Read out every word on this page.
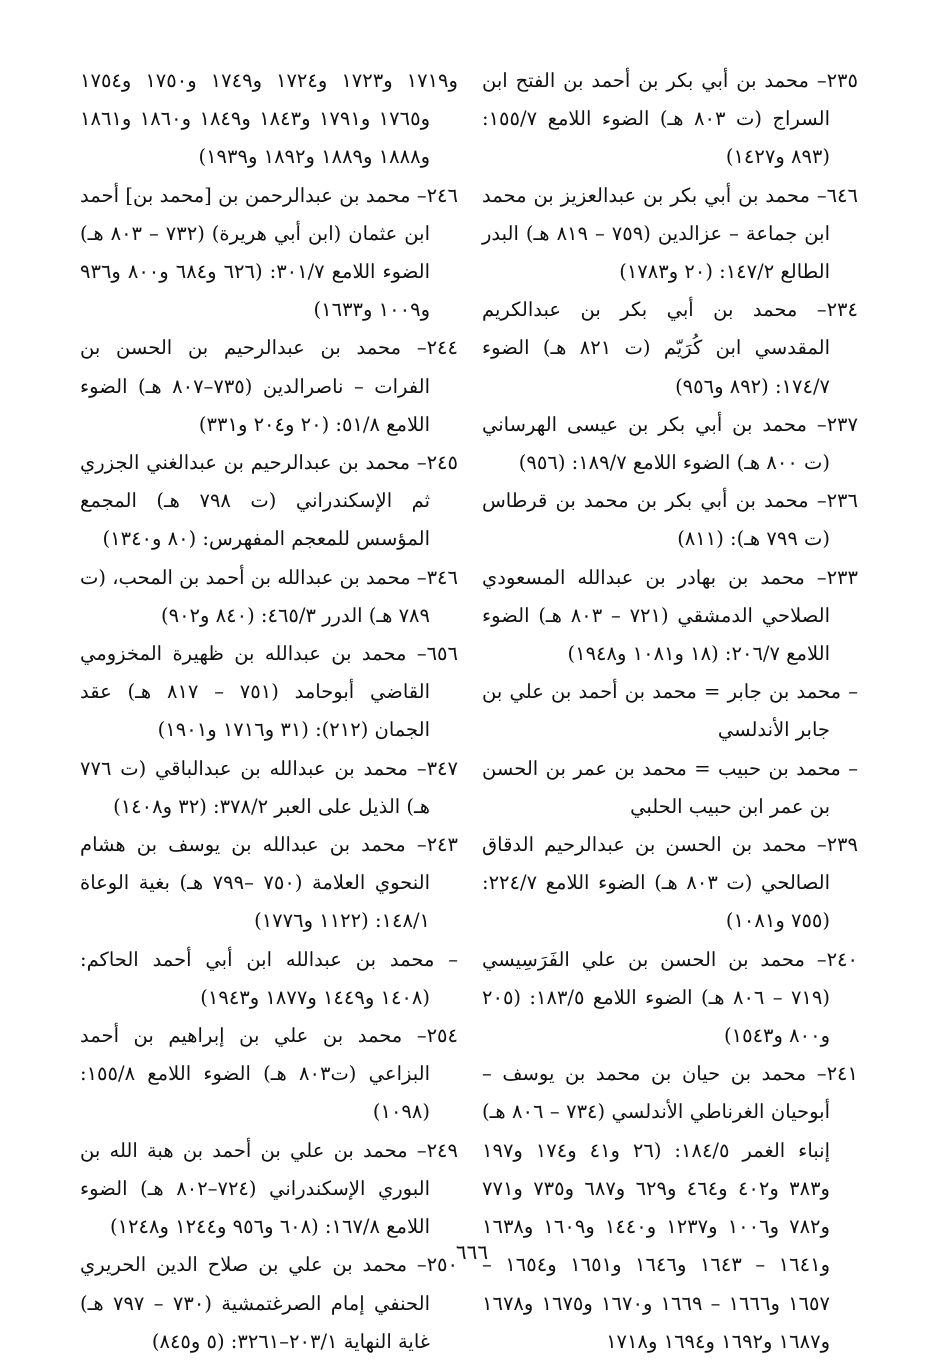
٢٣٥– محمد بن أبي بكر بن أحمد بن الفتح ابن السراج (ت ٨٠٣ هـ) الضوء اللامع ١٥٥/٧: (٨٩٣ و١٤٢٧)

٦٤٦– محمد بن أبي بكر بن عبدالعزيز بن محمد ابن جماعة – عزالدين (٧٥٩ – ٨١٩ هـ) البدر الطالع ١٤٧/٢: (٢٠ و١٧٨٣)

٢٣٤– محمد بن أبي بكر بن عبدالكريم المقدسي ابن كُرَيّم (ت ٨٢١ هـ) الضوء ١٧٤/٧: (٨٩٢ و٩٥٦)

٢٣٧– محمد بن أبي بكر بن عيسى الهرساني (ت ٨٠٠ هـ) الضوء اللامع ١٨٩/٧: (٩٥٦)

٢٣٦– محمد بن أبي بكر بن محمد بن قرطاس (ت ٧٩٩ هـ): (٨١١)

٢٣٣– محمد بن بهادر بن عبدالله المسعودي الصلاحي الدمشقي (٧٢١ – ٨٠٣ هـ) الضوء اللامع ٢٠٦/٧: (١٨ و١٠٨١ و١٩٤٨)

– محمد بن جابر = محمد بن أحمد بن علي بن جابر الأندلسي

– محمد بن حبيب = محمد بن عمر بن الحسن بن عمر ابن حبيب الحلبي

٢٣٩– محمد بن الحسن بن عبدالرحيم الدقاق الصالحي (ت ٨٠٣ هـ) الضوء اللامع ٢٢٤/٧: (٧٥٥ و١٠٨١)

٢٤٠– محمد بن الحسن بن علي الفَرَسِيسي (٧١٩ – ٨٠٦ هـ) الضوء اللامع ١٨٣/٥: (٢٠٥ و٨٠٠ و١٥٤٣)

٢٤١– محمد بن حيان بن محمد بن يوسف – أبوحيان الغرناطي الأندلسي (٧٣٤ – ٨٠٦ هـ) إنباء الغمر ١٨٤/٥: (٢٦ و٤١ و١٧٤ و١٩٧ و٣٨٣ و٤٠٢ و٤٦٤ و٦٢٩ و٦٨٧ و٧٣٥ و٧٧١ و٧٨٢ و١٠٠٦ و١٢٣٧ و١٤٤٠ و١٦٠٩ و١٦٣٨ و١٦٤١ – ١٦٤٣ و١٦٤٦ و١٦٥١ و١٦٥٤ – ١٦٥٧ و١٦٦٦ – ١٦٦٩ و١٦٧٠ و١٦٧٥ و١٦٧٨ و١٦٨٧ و١٦٩٢ و١٦٩٤ و١٧١٨

و١٧١٩ و١٧٢٣ و١٧٢٤ و١٧٤٩ و١٧٥٠ و١٧٥٤ و١٧٦٥ و١٧٩١ و١٨٤٣ و١٨٤٩ و١٨٦٠ و١٨٦١ و١٨٨٨ و١٨٨٩ و١٨٩٢ و١٩٣٩)

٢٤٦– محمد بن عبدالرحمن بن [محمد بن] أحمد ابن عثمان (ابن أبي هريرة) (٧٣٢ – ٨٠٣ هـ) الضوء اللامع ٣٠١/٧: (٦٢٦ و٦٨٤ و٨٠٠ و٩٣٦ و١٠٠٩ و١٦٣٣)

٢٤٤– محمد بن عبدالرحيم بن الحسن بن الفرات – ناصرالدين (٧٣٥–٨٠٧ هـ) الضوء اللامع ٥١/٨: (٢٠ و٢٠٤ و٣٣١)

٢٤٥– محمد بن عبدالرحيم بن عبدالغني الجزري ثم الإسكندراني (ت ٧٩٨ هـ) المجمع المؤسس للمعجم المفهرس: (٨٠ و١٣٤٠)

٣٤٦– محمد بن عبدالله بن أحمد بن المحب، (ت ٧٨٩ هـ) الدرر ٤٦٥/٣: (٨٤٠ و٩٠٢)

٦٥٦– محمد بن عبدالله بن ظهيرة المخزومي القاضي أبوحامد (٧٥١ – ٨١٧ هـ) عقد الجمان (٢١٢): (٣١ و١٧١٦ و١٩٠١)

٣٤٧– محمد بن عبدالله بن عبدالباقي (ت ٧٧٦ هـ) الذيل على العبر ٣٧٨/٢: (٣٢ و١٤٠٨)

٢٤٣– محمد بن عبدالله بن يوسف بن هشام النحوي العلامة (٧٥٠ –٧٩٩ هـ) بغية الوعاة ١٤٨/١: (١١٢٢ و١٧٧٦)

– محمد بن عبدالله ابن أبي أحمد الحاكم: (١٤٠٨ و١٤٤٩ و١٨٧٧ و١٩٤٣)

٢٥٤– محمد بن علي بن إبراهيم بن أحمد البزاعي (ت٨٠٣ هـ) الضوء اللامع ١٥٥/٨: (١٠٩٨)

٢٤٩– محمد بن علي بن أحمد بن هبة الله بن البوري الإسكندراني (٧٢٤–٨٠٢ هـ) الضوء اللامع ١٦٧/٨: (٦٠٨ و٩٥٦ و١٢٤٤ و١٢٤٨)

٢٥٠– محمد بن علي بن صلاح الدين الحريري الحنفي إمام الصرغتمشية (٧٣٠ – ٧٩٧ هـ) غاية النهاية ٢٠٣/١–٣٢٦١: (٥ و٨٤٥)

٦٦٦
